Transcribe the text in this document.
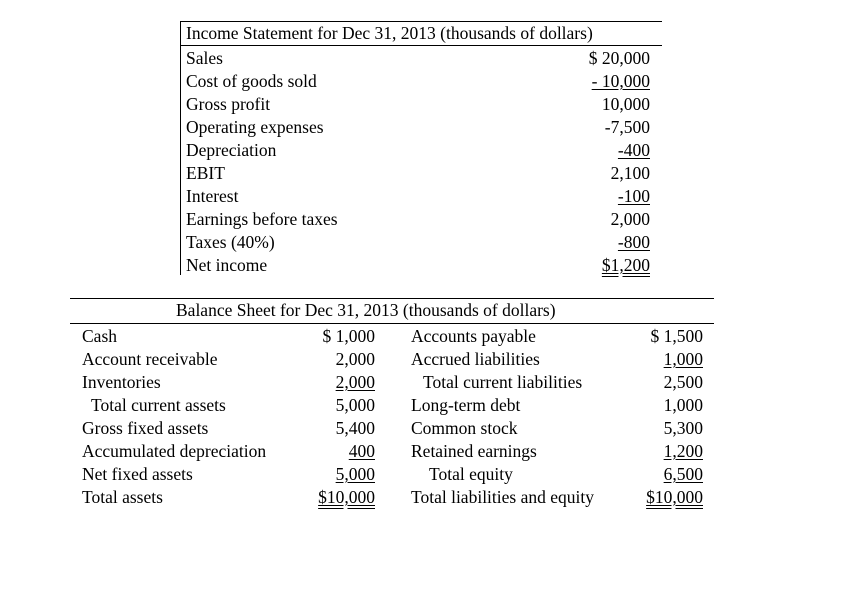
Income Statement for Dec 31, 2013 (thousands of dollars)
Sales
Cost of goods sold
Gross profit
Operating expenses
Depreciation
EBIT
Interest
Earnings before taxes
Taxes (40%)
Net income
$ 20,000
- 10,000
10,000
-7,500
-400
2,100
-100
2,000
-800
$1,200
Balance Sheet for Dec 31, 2013 (thousands of dollars)
Cash
Account receivable
Inventories
Total current assets
Gross fixed assets
Accumulated depreciation
Net fixed assets
Total assets
$ 1,000
2,000
2,000
5,000
5,400
400
5,000
$10,000
Accounts payable
Accrued liabilities
Total current liabilities
Long-term debt
Common stock
Retained earnings
Total equity
Total liabilities and equity
$ 1,500
1,000
2,500
1,000
5,300
1,200
6,500
$10,000
